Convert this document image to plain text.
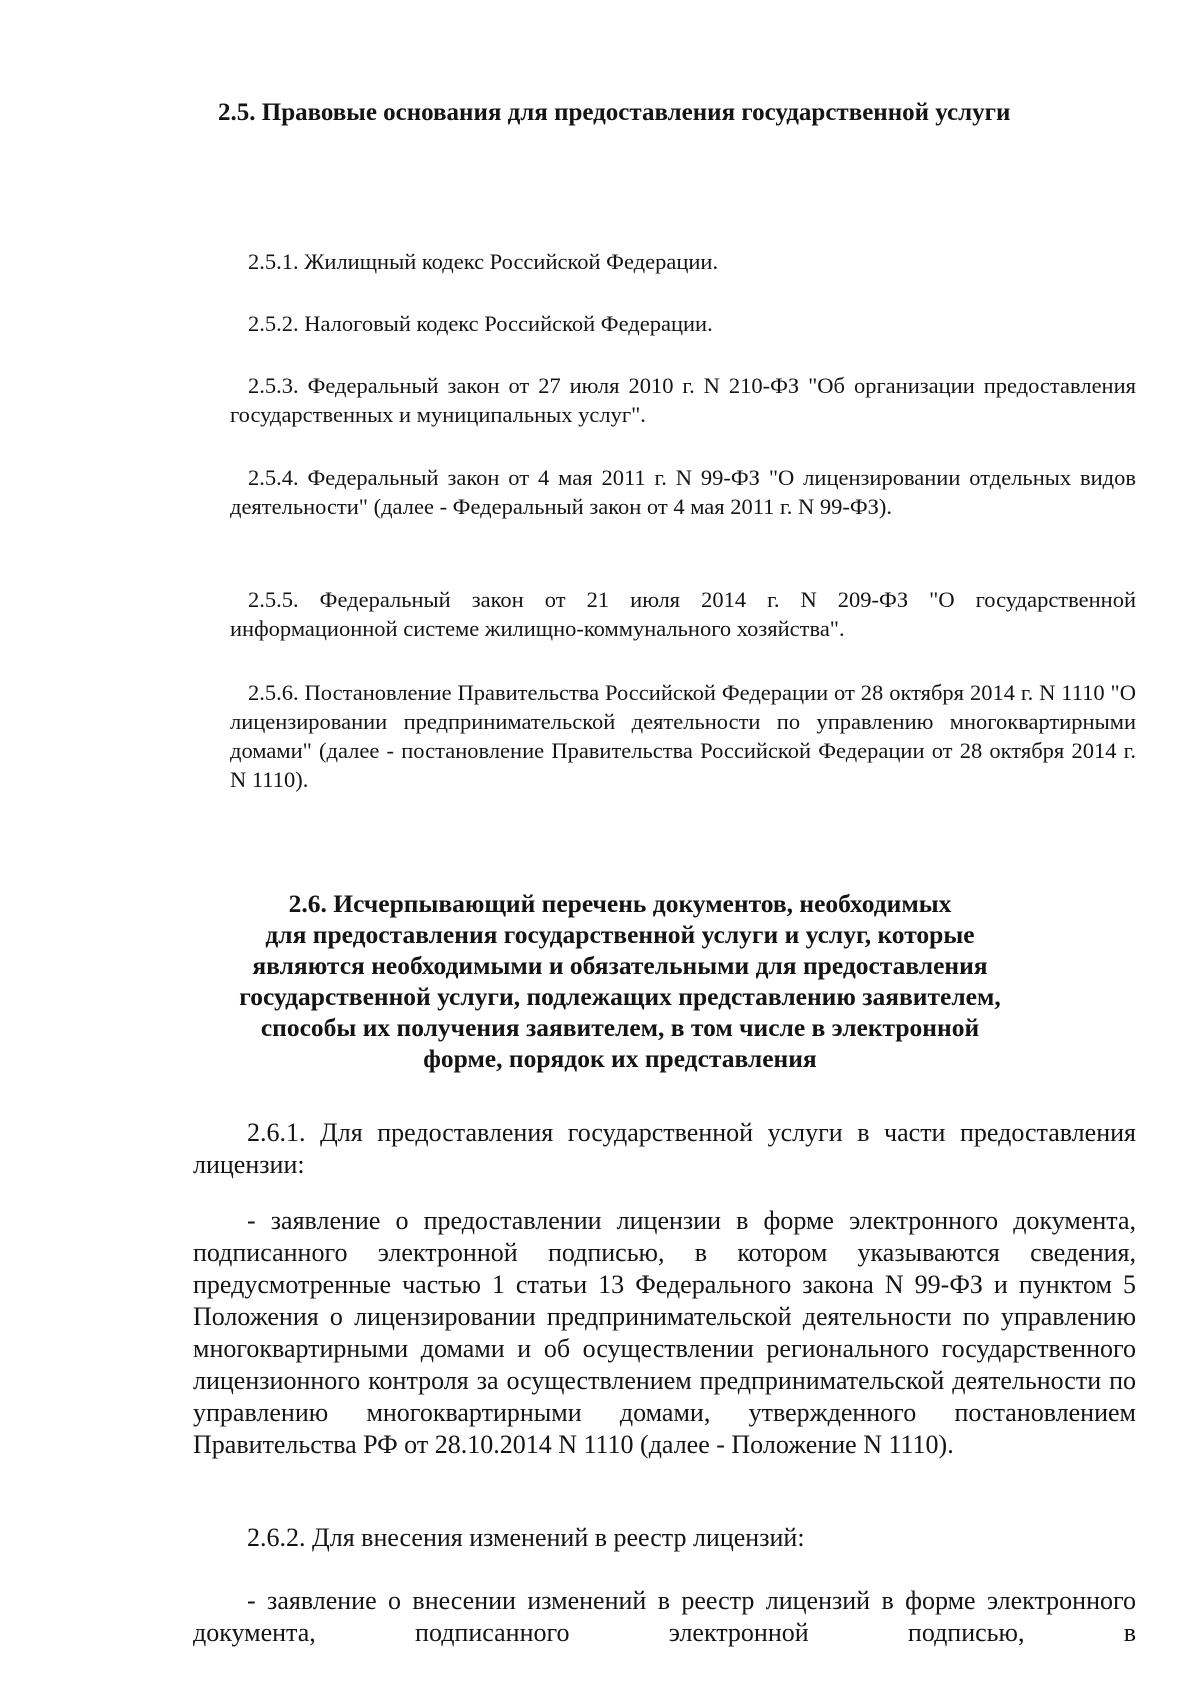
2.5. Правовые основания для предоставления государственной услуги
2.5.1. Жилищный кодекс Российской Федерации.
2.5.2. Налоговый кодекс Российской Федерации.
2.5.3. Федеральный закон от 27 июля 2010 г. N 210-ФЗ "Об организации предоставления государственных и муниципальных услуг".
2.5.4. Федеральный закон от 4 мая 2011 г. N 99-ФЗ "О лицензировании отдельных видов деятельности" (далее - Федеральный закон от 4 мая 2011 г. N 99-ФЗ).
2.5.5. Федеральный закон от 21 июля 2014 г. N 209-ФЗ "О государственной информационной системе жилищно-коммунального хозяйства".
2.5.6. Постановление Правительства Российской Федерации от 28 октября 2014 г. N 1110 "О лицензировании предпринимательской деятельности по управлению многоквартирными домами" (далее - постановление Правительства Российской Федерации от 28 октября 2014 г. N 1110).
2.6. Исчерпывающий перечень документов, необходимых
для предоставления государственной услуги и услуг, которые
являются необходимыми и обязательными для предоставления
государственной услуги, подлежащих представлению заявителем,
способы их получения заявителем, в том числе в электронной
форме, порядок их представления
2.6.1. Для предоставления государственной услуги в части предоставления лицензии:
- заявление о предоставлении лицензии в форме электронного документа, подписанного электронной подписью, в котором указываются сведения, предусмотренные частью 1 статьи 13 Федерального закона N 99-ФЗ и пунктом 5 Положения о лицензировании предпринимательской деятельности по управлению многоквартирными домами и об осуществлении регионального государственного лицензионного контроля за осуществлением предпринимательской деятельности по управлению многоквартирными домами, утвержденного постановлением Правительства РФ от 28.10.2014 N 1110 (далее - Положение N 1110).
2.6.2. Для внесения изменений в реестр лицензий:
- заявление о внесении изменений в реестр лицензий в форме электронного документа, подписанного электронной подписью, в
